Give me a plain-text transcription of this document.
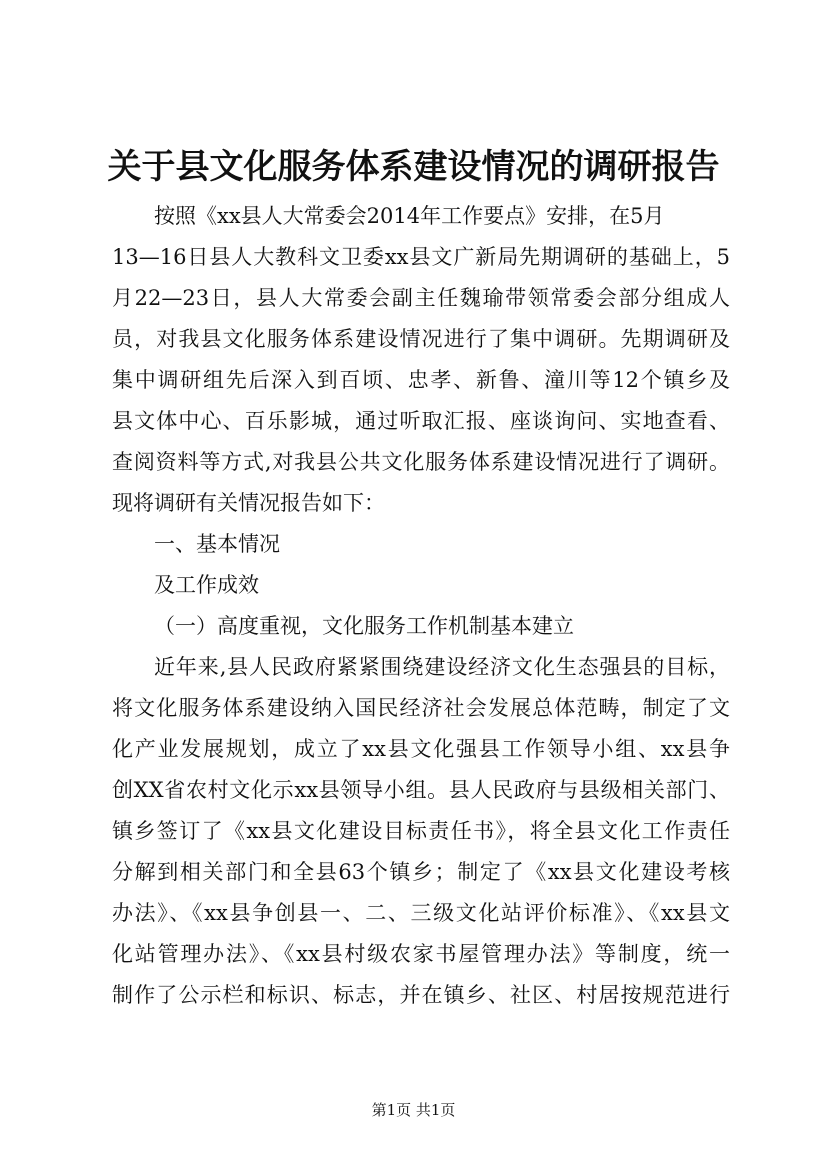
关于县文化服务体系建设情况的调研报告
按照《xx县人大常委会2014年工作要点》安排，在5月
13—16日县人大教科文卫委xx县文广新局先期调研的基础上，5
月22—23日，县人大常委会副主任魏瑜带领常委会部分组成人
员，对我县文化服务体系建设情况进行了集中调研。先期调研及
集中调研组先后深入到百顷、忠孝、新鲁、潼川等12个镇乡及
县文体中心、百乐影城，通过听取汇报、座谈询问、实地查看、
查阅资料等方式,对我县公共文化服务体系建设情况进行了调研。
现将调研有关情况报告如下：
一、基本情况
及工作成效
（一）高度重视，文化服务工作机制基本建立
近年来,县人民政府紧紧围绕建设经济文化生态强县的目标，
将文化服务体系建设纳入国民经济社会发展总体范畴，制定了文
化产业发展规划，成立了xx县文化强县工作领导小组、xx县争
创XX省农村文化示xx县领导小组。县人民政府与县级相关部门、
镇乡签订了《xx县文化建设目标责任书》，将全县文化工作责任
分解到相关部门和全县63个镇乡；制定了《xx县文化建设考核
办法》、《xx县争创县一、二、三级文化站评价标准》、《xx县文
化站管理办法》、《xx县村级农家书屋管理办法》等制度，统一
制作了公示栏和标识、标志，并在镇乡、社区、村居按规范进行
第1页 共1页
